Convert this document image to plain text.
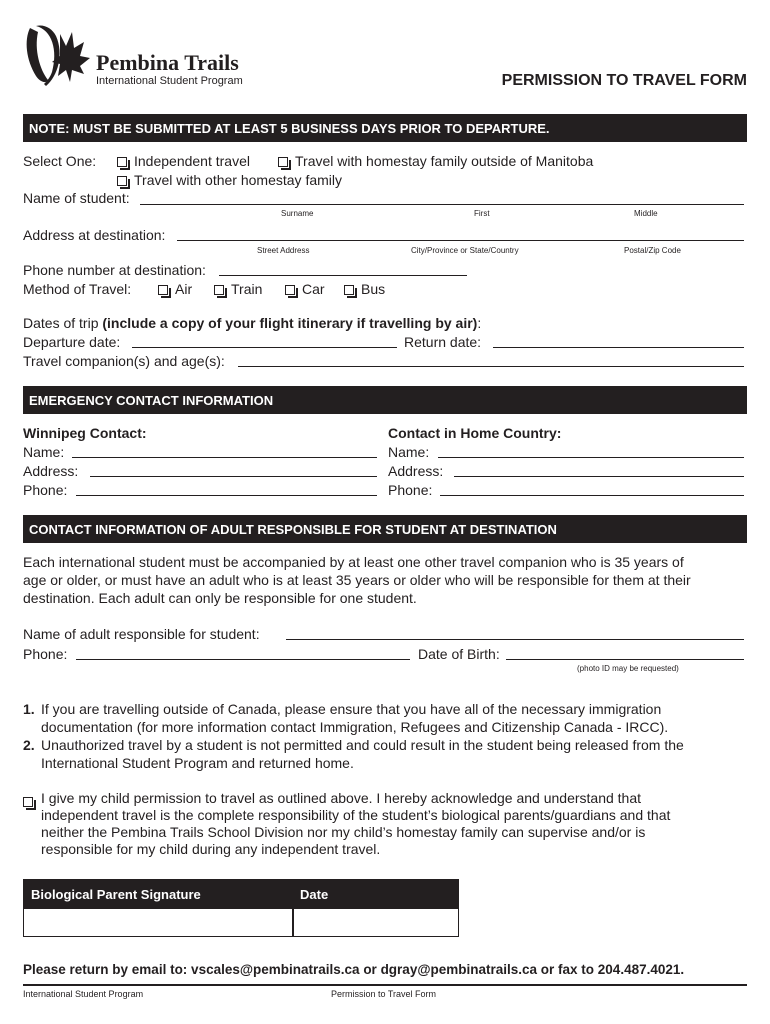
Pembina Trails
International Student Program	PERMISSION TO TRAVEL FORM
NOTE: MUST BE SUBMITTED AT LEAST 5 BUSINESS DAYS PRIOR TO DEPARTURE.
Select One:	Independent travel	Travel with homestay family outside of Manitoba
Travel with other homestay family
Name of student:
Surname	First	Middle
Address at destination:
Street Address	City/Province or State/Country	Postal/Zip Code
Phone number at destination:
Method of Travel:	Air	Train	Car	Bus
Dates of trip (include a copy of your flight itinerary if travelling by air):
Departure date:	Return date:
Travel companion(s) and age(s):
EMERGENCY CONTACT INFORMATION
Winnipeg Contact:
Name:
Address:
Phone:
Contact in Home Country:
Name:
Address:
Phone:
CONTACT INFORMATION OF ADULT RESPONSIBLE FOR STUDENT AT DESTINATION
Each international student must be accompanied by at least one other travel companion who is 35 years of
age or older, or must have an adult who is at least 35 years or older who will be responsible for them at their
destination. Each adult can only be responsible for one student.
Name of adult responsible for student:
Phone:	Date of Birth:
(photo ID may be requested)
1. If you are travelling outside of Canada, please ensure that you have all of the necessary immigration
documentation (for more information contact Immigration, Refugees and Citizenship Canada - IRCC).
2. Unauthorized travel by a student is not permitted and could result in the student being released from the
International Student Program and returned home.
I give my child permission to travel as outlined above. I hereby acknowledge and understand that
independent travel is the complete responsibility of the student’s biological parents/guardians and that
neither the Pembina Trails School Division nor my child’s homestay family can supervise and/or is
responsible for my child during any independent travel.
Biological Parent Signature	Date
Please return by email to: vscales@pembinatrails.ca or dgray@pembinatrails.ca or fax to 204.487.4021.
International Student Program	Permission to Travel Form
